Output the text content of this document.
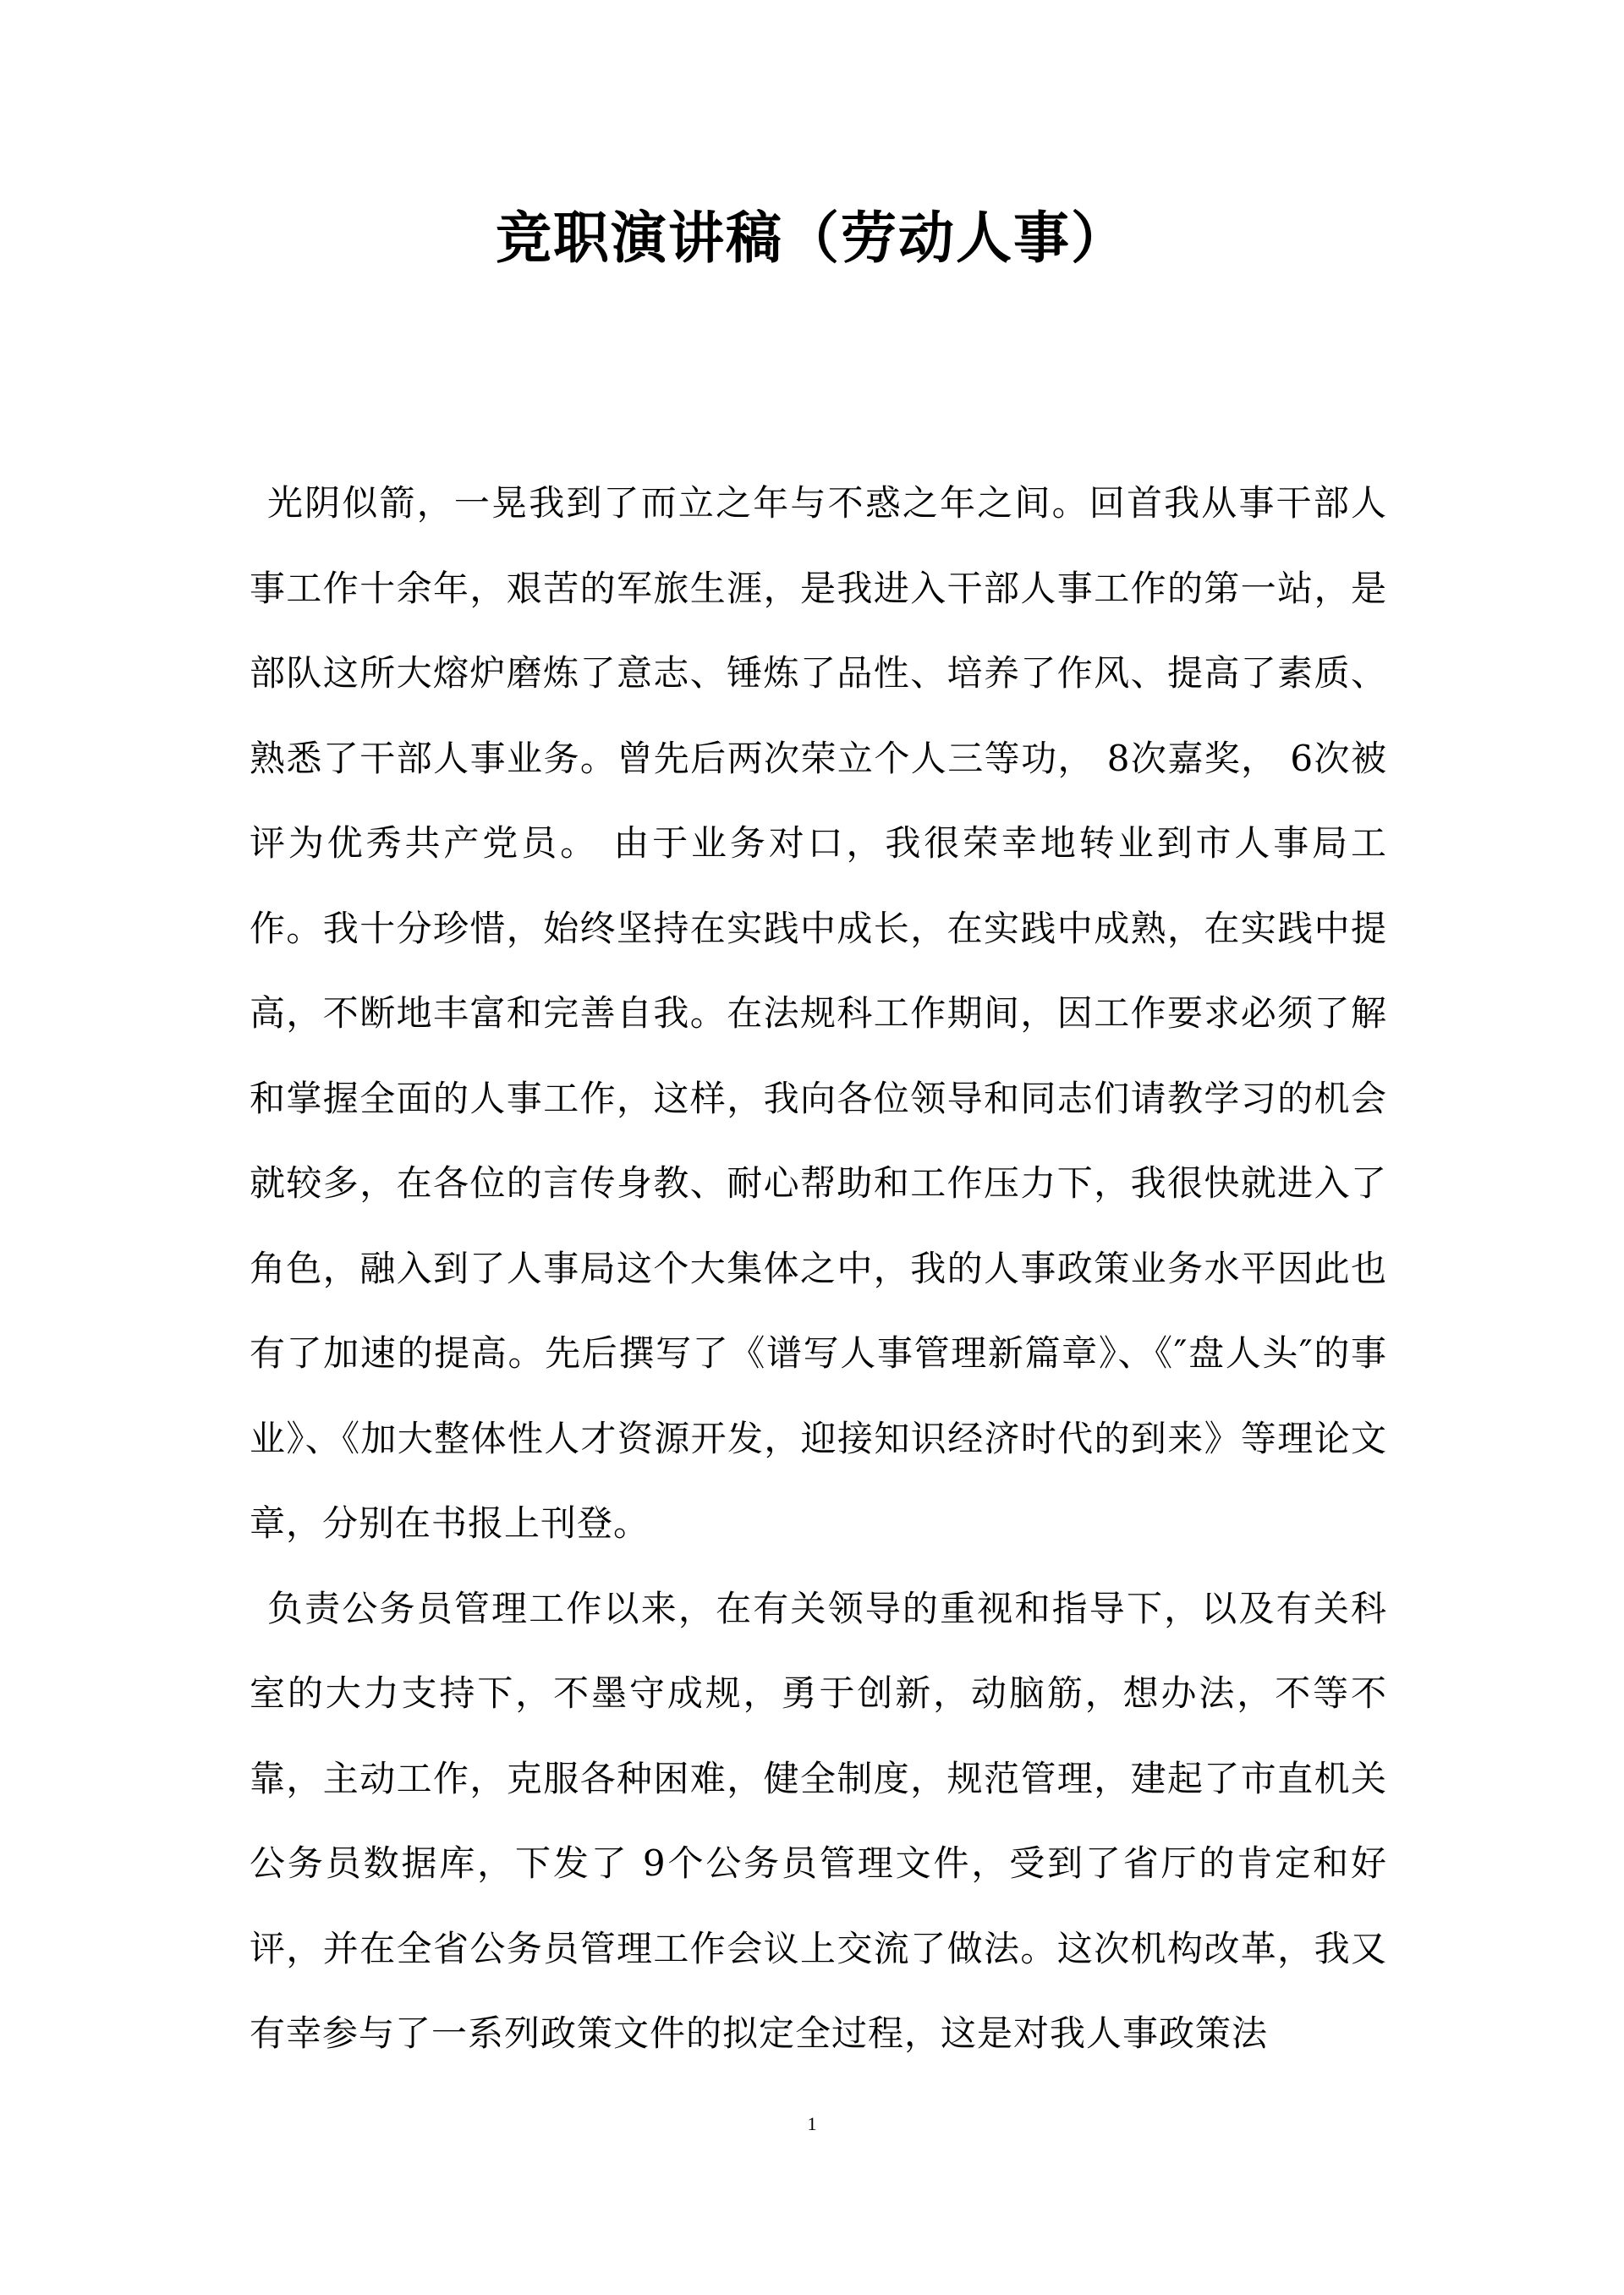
竞职演讲稿（劳动人事）

光阴似箭，一晃我到了而立之年与不惑之年之间。回首我从事干部人事工作十余年，艰苦的军旅生涯，是我进入干部人事工作的第一站，是部队这所大熔炉磨炼了意志、锤炼了品性、培养了作风、提高了素质、熟悉了干部人事业务。曾先后两次荣立个人三等功， 8次嘉奖， 6次被评为优秀共产党员。 由于业务对口，我很荣幸地转业到市人事局工作。我十分珍惜，始终坚持在实践中成长，在实践中成熟，在实践中提高，不断地丰富和完善自我。在法规科工作期间，因工作要求必须了解和掌握全面的人事工作，这样，我向各位领导和同志们请教学习的机会就较多，在各位的言传身教、耐心帮助和工作压力下，我很快就进入了角色，融入到了人事局这个大集体之中，我的人事政策业务水平因此也有了加速的提高。先后撰写了《谱写人事管理新篇章》、《″盘人头″的事业》、《加大整体性人才资源开发，迎接知识经济时代的到来》等理论文章，分别在书报上刊登。

负责公务员管理工作以来，在有关领导的重视和指导下，以及有关科室的大力支持下，不墨守成规，勇于创新，动脑筋，想办法，不等不靠，主动工作，克服各种困难，健全制度，规范管理，建起了市直机关公务员数据库，下发了 9个公务员管理文件，受到了省厅的肯定和好评，并在全省公务员管理工作会议上交流了做法。这次机构改革，我又有幸参与了一系列政策文件的拟定全过程，这是对我人事政策法

1
